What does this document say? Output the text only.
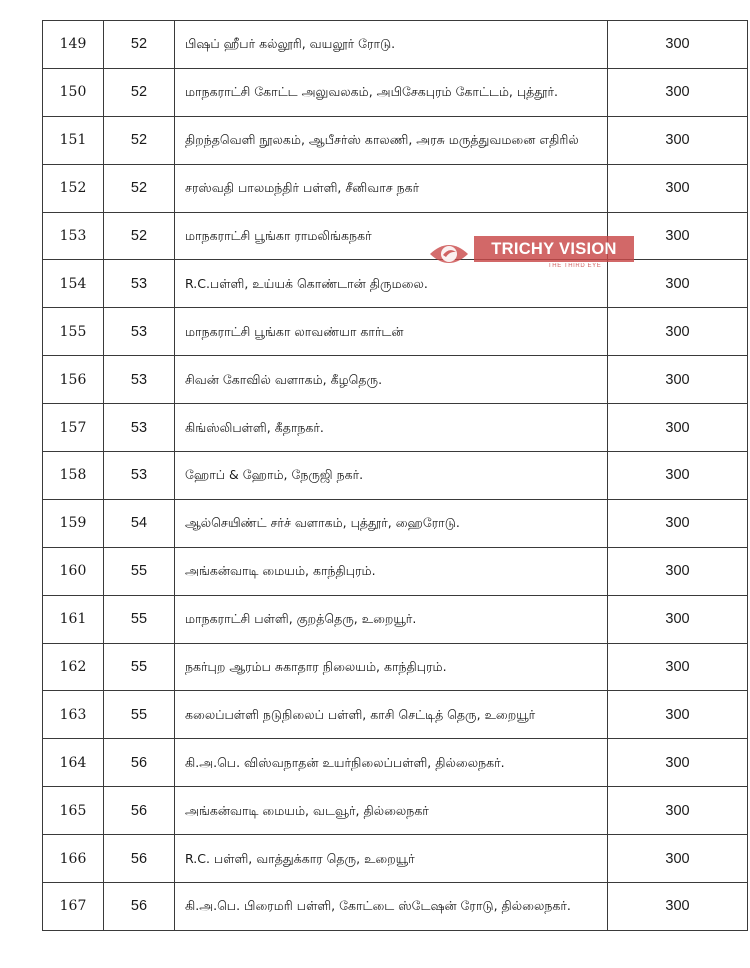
149	52	பிஷப் ஹீபர் கல்லூரி, வயலூர் ரோடு.	300
150	52	மாநகராட்சி கோட்ட அலுவலகம், அபிசேகபுரம் கோட்டம், புத்தூர்.	300
151	52	திறந்தவெளி நூலகம், ஆபீசர்ஸ் காலணி, அரசு மருத்துவமனை எதிரில்	300
152	52	சரஸ்வதி பாலமந்திர் பள்ளி, சீனிவாச நகர்	300
153	52	மாநகராட்சி பூங்கா ராமலிங்கநகர்	300
154	53	R.C.பள்ளி, உய்யக் கொண்டான் திருமலை.	300
155	53	மாநகராட்சி பூங்கா லாவண்யா கார்டன்	300
156	53	சிவன் கோவில் வளாகம், கீழதெரு.	300
157	53	கிங்ஸ்லிபள்ளி, கீதாநகர்.	300
158	53	ஹோப் & ஹோம், நேருஜி நகர்.	300
159	54	ஆல்செயிண்ட் சர்ச் வளாகம், புத்தூர், ஹைரோடு.	300
160	55	அங்கன்வாடி மையம், காந்திபுரம்.	300
161	55	மாநகராட்சி பள்ளி, குறத்தெரு, உறையூர்.	300
162	55	நகர்புற ஆரம்ப சுகாதார நிலையம், காந்திபுரம்.	300
163	55	கலைப்பள்ளி நடுநிலைப் பள்ளி, காசி செட்டித் தெரு, உறையூர்	300
164	56	கி.அ.பெ. விஸ்வநாதன் உயர்நிலைப்பள்ளி, தில்லைநகர்.	300
165	56	அங்கன்வாடி மையம், வடவூர், தில்லைநகர்	300
166	56	R.C. பள்ளி, வாத்துக்கார தெரு, உறையூர்	300
167	56	கி.அ.பெ. பிரைமரி பள்ளி, கோட்டை ஸ்டேஷன் ரோடு, தில்லைநகர்.	300
TRICHY VISION
THE THIRD EYE
